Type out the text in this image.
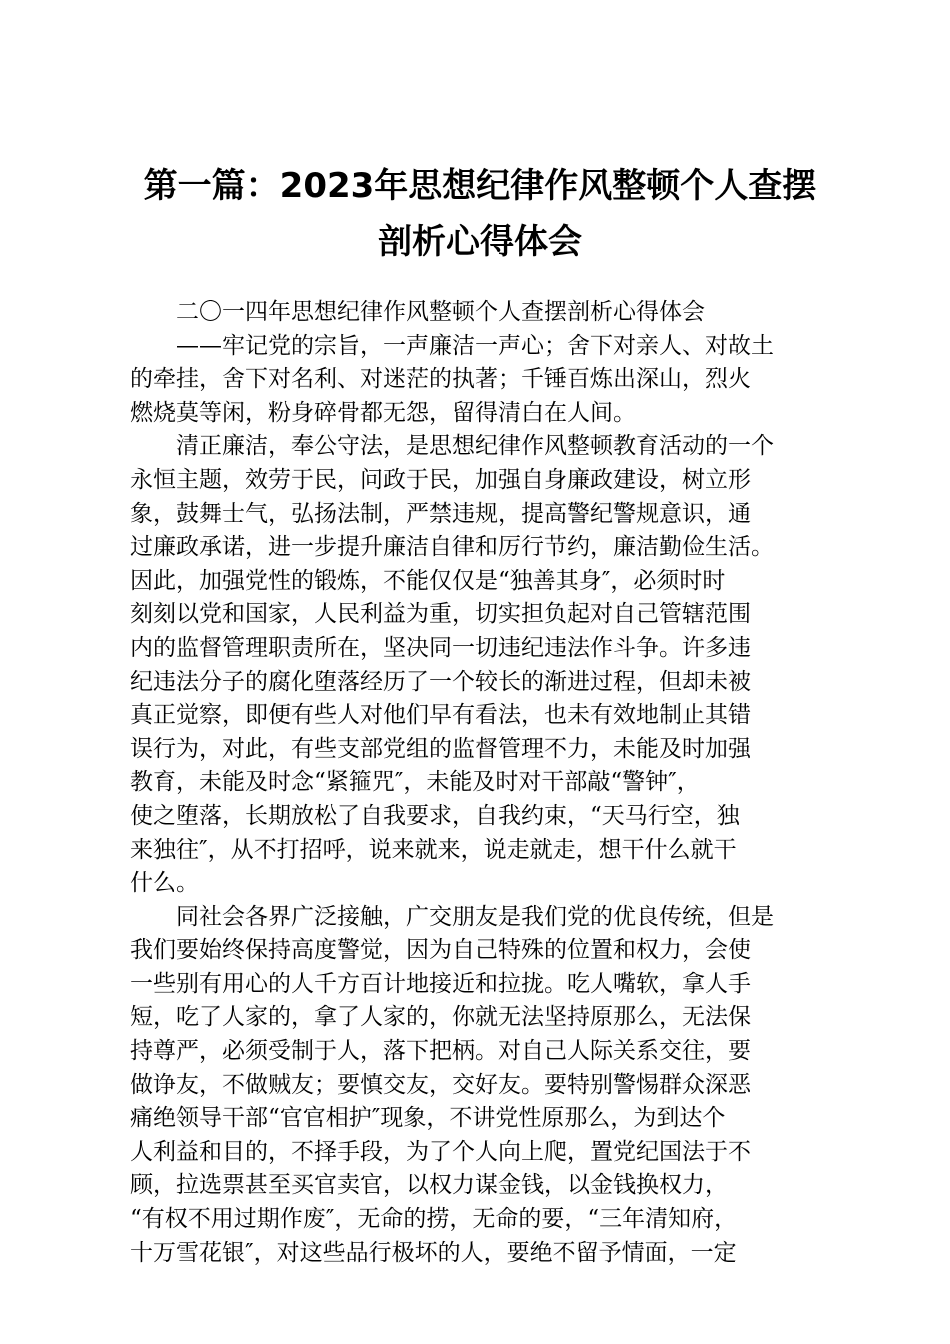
第一篇：2023年思想纪律作风整顿个人查摆
剖析心得体会
　　二〇一四年思想纪律作风整顿个人查摆剖析心得体会
　　——牢记党的宗旨，一声廉洁一声心；舍下对亲人、对故土
的牵挂，舍下对名利、对迷茫的执著；千锤百炼出深山，烈火
燃烧莫等闲，粉身碎骨都无怨，留得清白在人间。
　　清正廉洁，奉公守法，是思想纪律作风整顿教育活动的一个
永恒主题，效劳于民，问政于民，加强自身廉政建设，树立形
象，鼓舞士气，弘扬法制，严禁违规，提高警纪警规意识，通
过廉政承诺，进一步提升廉洁自律和厉行节约，廉洁勤俭生活。
因此，加强党性的锻炼，不能仅仅是“独善其身″，必须时时
刻刻以党和国家，人民利益为重，切实担负起对自己管辖范围
内的监督管理职责所在，坚决同一切违纪违法作斗争。许多违
纪违法分子的腐化堕落经历了一个较长的渐进过程，但却未被
真正觉察，即便有些人对他们早有看法，也未有效地制止其错
误行为，对此，有些支部党组的监督管理不力，未能及时加强
教育，未能及时念“紧箍咒″，未能及时对干部敲“警钟″，
使之堕落，长期放松了自我要求，自我约束，“天马行空，独
来独往″，从不打招呼，说来就来，说走就走，想干什么就干
什么。
　　同社会各界广泛接触，广交朋友是我们党的优良传统，但是
我们要始终保持高度警觉，因为自己特殊的位置和权力，会使
一些别有用心的人千方百计地接近和拉拢。吃人嘴软，拿人手
短，吃了人家的，拿了人家的，你就无法坚持原那么，无法保
持尊严，必须受制于人，落下把柄。对自己人际关系交往，要
做诤友，不做贼友；要慎交友，交好友。要特别警惕群众深恶
痛绝领导干部“官官相护″现象，不讲党性原那么，为到达个
人利益和目的，不择手段，为了个人向上爬，置党纪国法于不
顾，拉选票甚至买官卖官，以权力谋金钱，以金钱换权力，
“有权不用过期作废″，无命的捞，无命的要，“三年清知府，
十万雪花银″，对这些品行极坏的人，要绝不留予情面，一定
